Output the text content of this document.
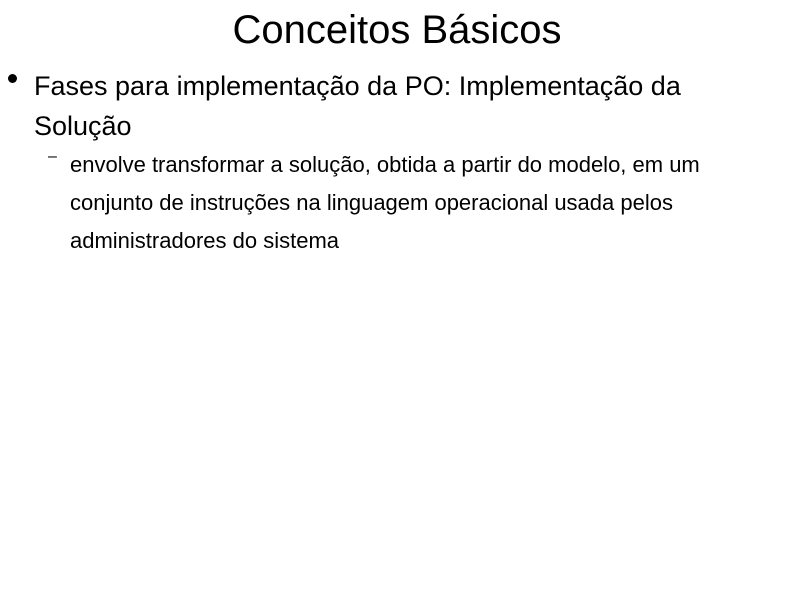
Conceitos Básicos

Fases para implementação da PO: Implementação da Solução

– envolve transformar a solução, obtida a partir do modelo, em um conjunto de instruções na linguagem operacional usada pelos administradores do sistema
